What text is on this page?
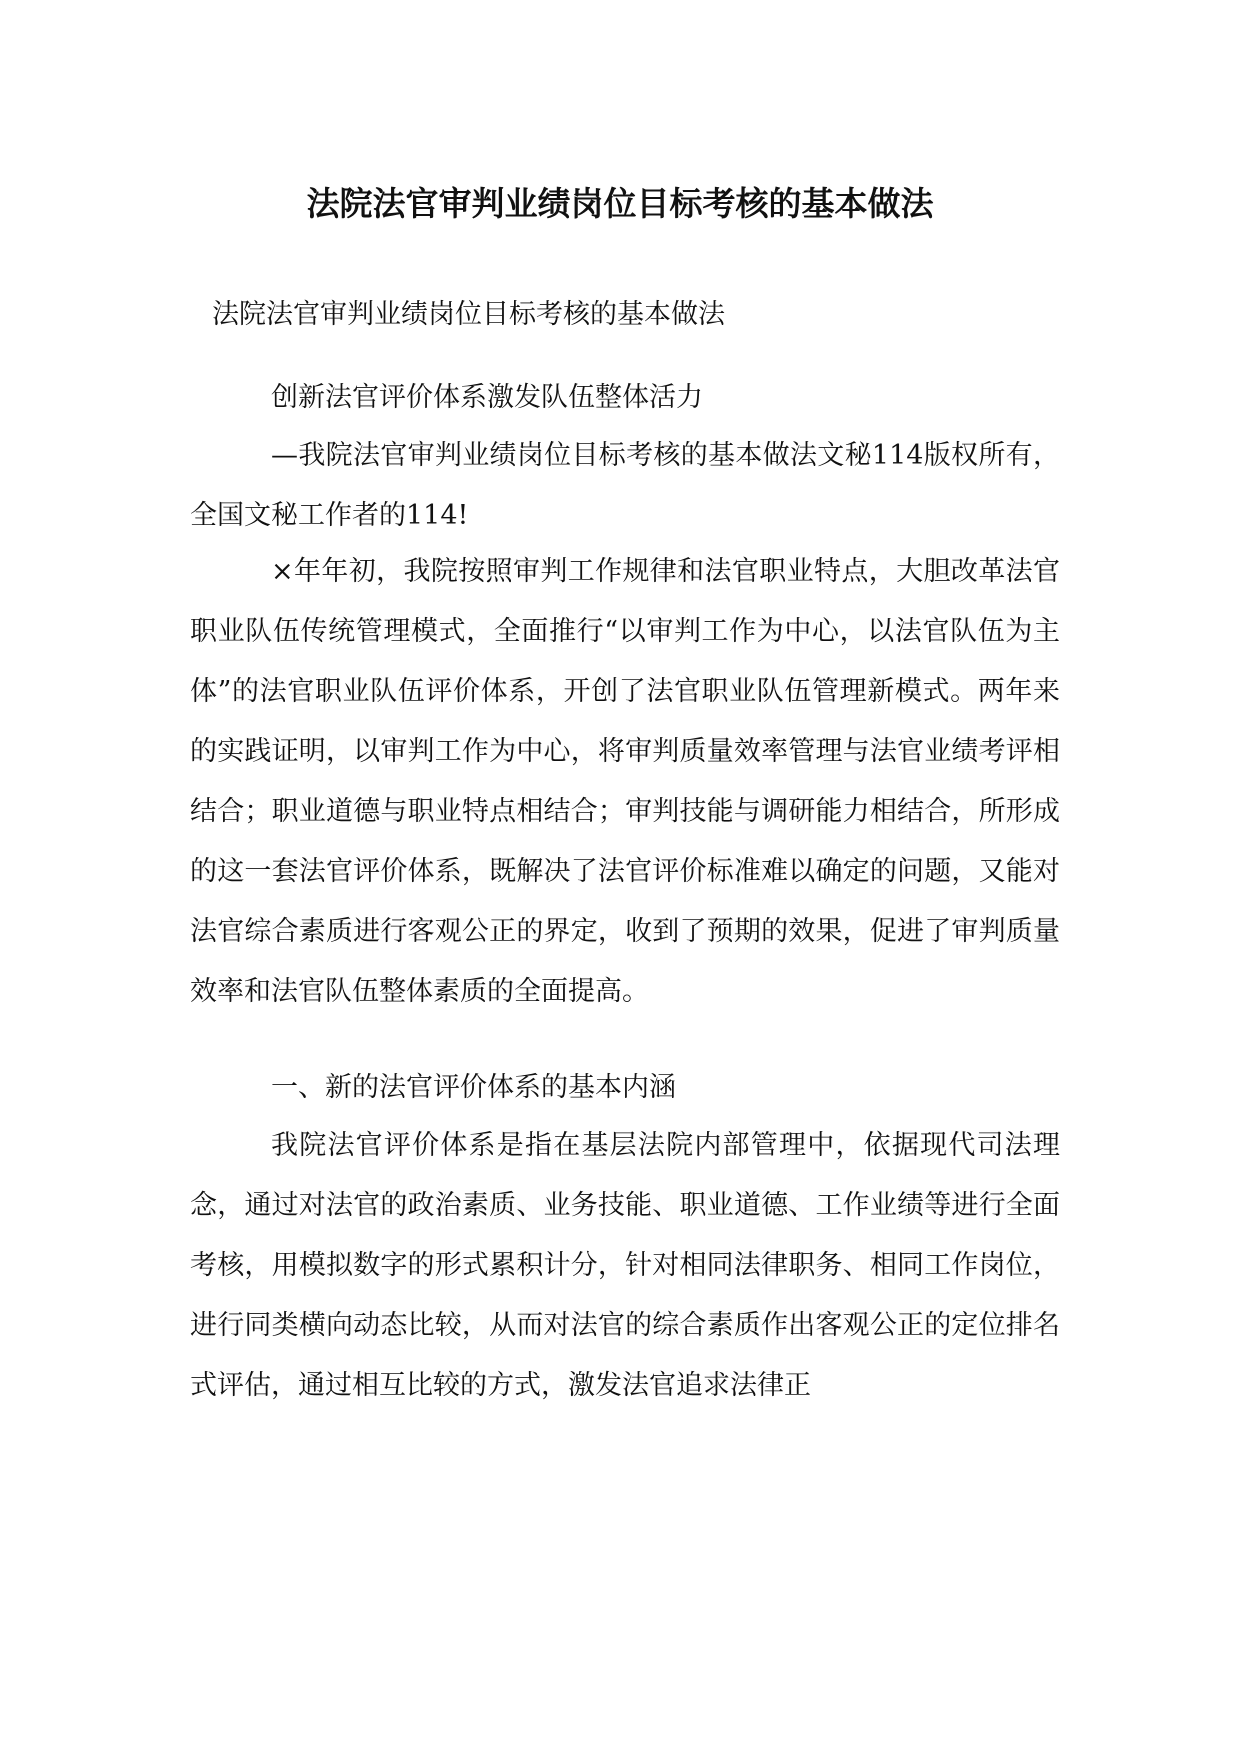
法院法官审判业绩岗位目标考核的基本做法

法院法官审判业绩岗位目标考核的基本做法

创新法官评价体系激发队伍整体活力

—我院法官审判业绩岗位目标考核的基本做法文秘114版权所有，全国文秘工作者的114!

×年年初，我院按照审判工作规律和法官职业特点，大胆改革法官职业队伍传统管理模式，全面推行“以审判工作为中心，以法官队伍为主体”的法官职业队伍评价体系，开创了法官职业队伍管理新模式。两年来的实践证明，以审判工作为中心，将审判质量效率管理与法官业绩考评相结合；职业道德与职业特点相结合；审判技能与调研能力相结合，所形成的这一套法官评价体系，既解决了法官评价标准难以确定的问题，又能对法官综合素质进行客观公正的界定，收到了预期的效果，促进了审判质量效率和法官队伍整体素质的全面提高。

一、新的法官评价体系的基本内涵

我院法官评价体系是指在基层法院内部管理中，依据现代司法理念，通过对法官的政治素质、业务技能、职业道德、工作业绩等进行全面考核，用模拟数字的形式累积计分，针对相同法律职务、相同工作岗位，进行同类横向动态比较，从而对法官的综合素质作出客观公正的定位排名式评估，通过相互比较的方式，激发法官追求法律正
